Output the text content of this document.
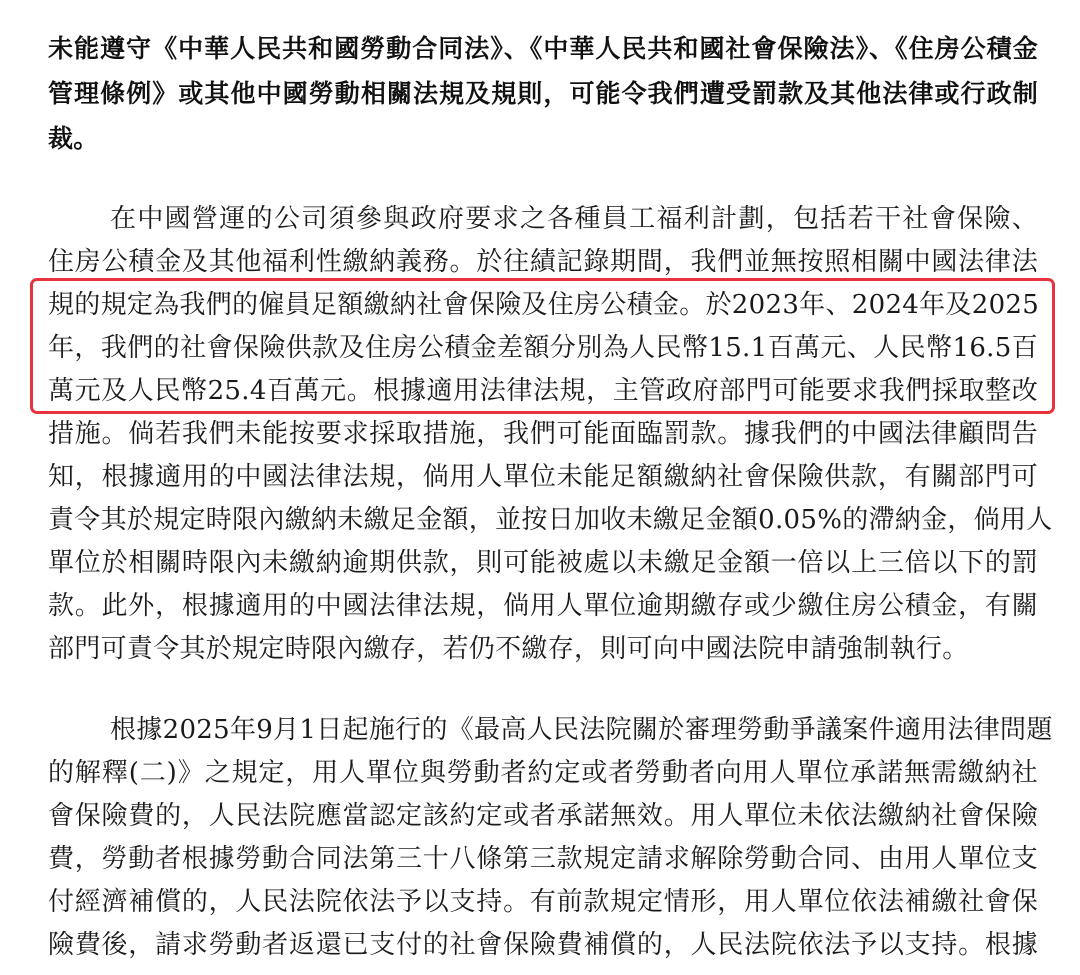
未能遵守《中華人民共和國勞動合同法》、《中華人民共和國社會保險法》、《住房公積金

管理條例》或其他中國勞動相關法規及規則，可能令我們遭受罰款及其他法律或行政制

裁。

在中國營運的公司須參與政府要求之各種員工福利計劃，包括若干社會保險、

住房公積金及其他福利性繳納義務。於往績記錄期間，我們並無按照相關中國法律法

規的規定為我們的僱員足額繳納社會保險及住房公積金。於2023年、2024年及2025

年，我們的社會保險供款及住房公積金差額分別為人民幣15.1百萬元、人民幣16.5百

萬元及人民幣25.4百萬元。根據適用法律法規，主管政府部門可能要求我們採取整改

措施。倘若我們未能按要求採取措施，我們可能面臨罰款。據我們的中國法律顧問告

知，根據適用的中國法律法規，倘用人單位未能足額繳納社會保險供款，有關部門可

責令其於規定時限內繳納未繳足金額，並按日加收未繳足金額0.05%的滯納金，倘用人

單位於相關時限內未繳納逾期供款，則可能被處以未繳足金額一倍以上三倍以下的罰

款。此外，根據適用的中國法律法規，倘用人單位逾期繳存或少繳住房公積金，有關

部門可責令其於規定時限內繳存，若仍不繳存，則可向中國法院申請強制執行。

根據2025年9月1日起施行的《最高人民法院關於審理勞動爭議案件適用法律問題

的解釋(二)》之規定，用人單位與勞動者約定或者勞動者向用人單位承諾無需繳納社

會保險費的，人民法院應當認定該約定或者承諾無效。用人單位未依法繳納社會保險

費，勞動者根據勞動合同法第三十八條第三款規定請求解除勞動合同、由用人單位支

付經濟補償的，人民法院依法予以支持。有前款規定情形，用人單位依法補繳社會保

險費後，請求勞動者返還已支付的社會保險費補償的，人民法院依法予以支持。根據
